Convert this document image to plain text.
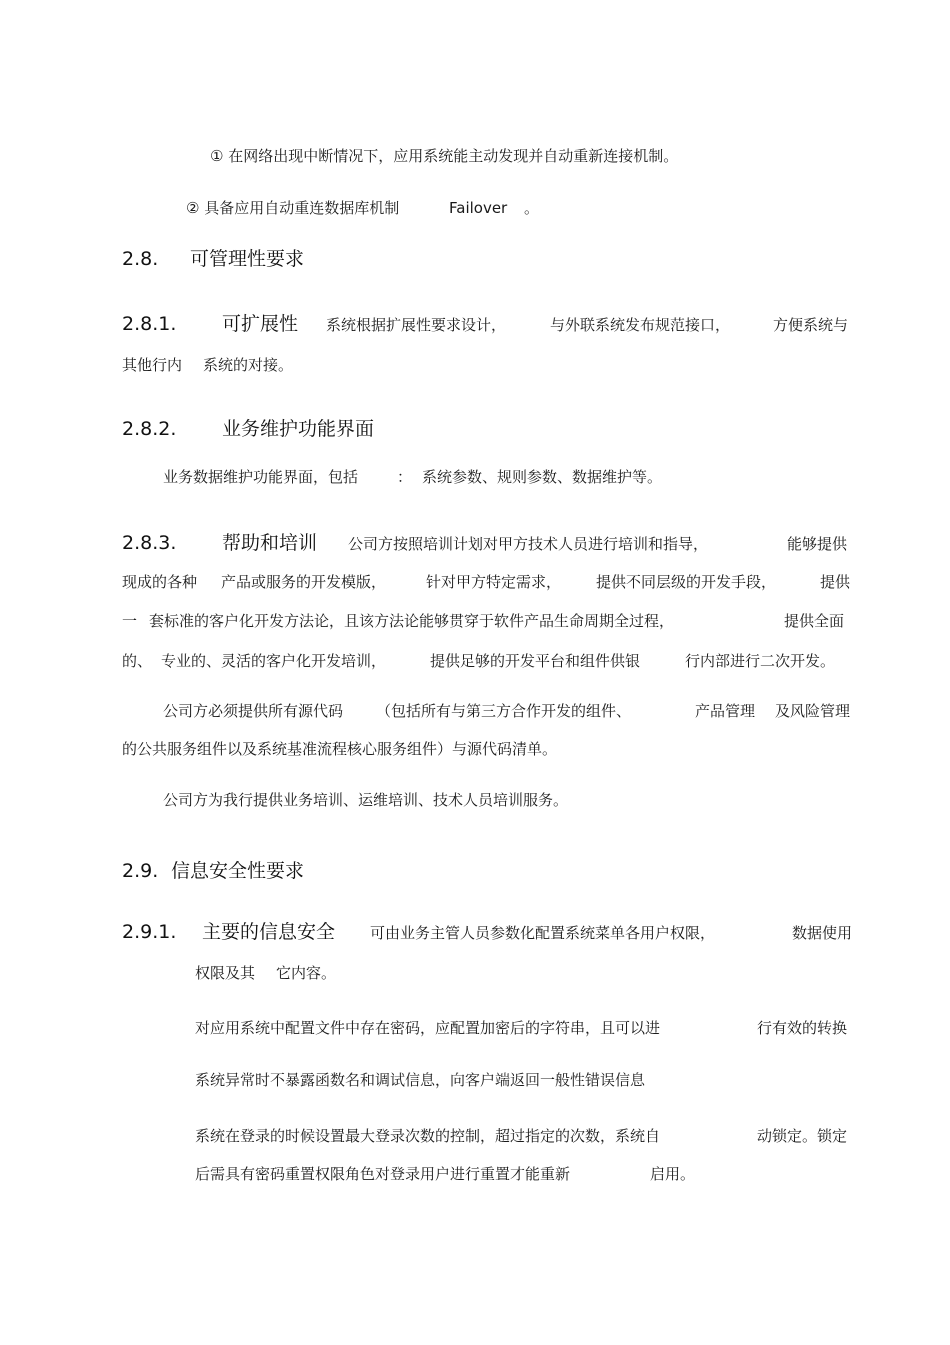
① 在网络出现中断情况下，应用系统能主动发现并自动重新连接机制。
② 具备应用自动重连数据库机制	Failover 。
2.8. 可管理性要求
2.8.1. 可扩展性 系统根据扩展性要求设计，	与外联系统发布规范接口，	方便系统与
其他行内 系统的对接。
2.8.2. 业务维护功能界面
业务数据维护功能界面，包括	： 系统参数、规则参数、数据维护等。
2.8.3. 帮助和培训 公司方按照培训计划对甲方技术人员进行培训和指导，	能够提供
现成的各种 产品或服务的开发模版，	针对甲方特定需求， 提供不同层级的开发手段，	提供
一 套标准的客户化开发方法论，且该方法论能够贯穿于软件产品生命周期全过程，	提供全面
的、 专业的、灵活的客户化开发培训，	提供足够的开发平台和组件供银	行内部进行二次开发。
公司方必须提供所有源代码 （包括所有与第三方合作开发的组件、	产品管理 及风险管理
的公共服务组件以及系统基准流程核心服务组件）与源代码清单。
公司方为我行提供业务培训、运维培训、技术人员培训服务。
2.9. 信息安全性要求
2.9.1. 主要的信息安全 可由业务主管人员参数化配置系统菜单各用户权限，	数据使用
权限及其 它内容。
对应用系统中配置文件中存在密码，应配置加密后的字符串，且可以进	行有效的转换
系统异常时不暴露函数名和调试信息，向客户端返回一般性错误信息
系统在登录的时候设置最大登录次数的控制，超过指定的次数，系统自	动锁定。锁定
后需具有密码重置权限角色对登录用户进行重置才能重新	启用。
